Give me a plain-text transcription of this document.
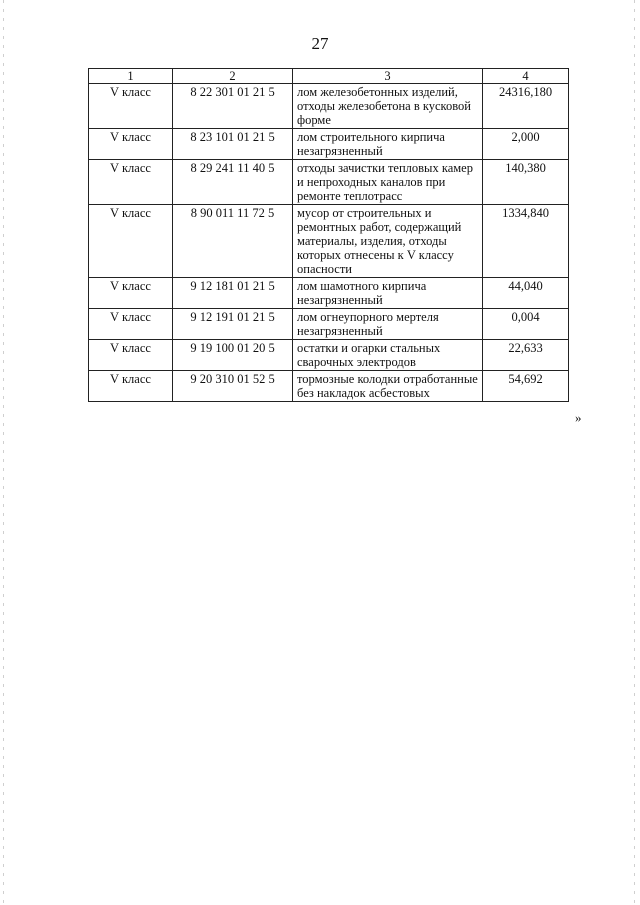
27
1	2	3	4
V класс	8 22 301 01 21 5	лом железобетонных изделий, отходы железобетона в кусковой форме	24316,180
V класс	8 23 101 01 21 5	лом строительного кирпича незагрязненный	2,000
V класс	8 29 241 11 40 5	отходы зачистки тепловых камер и непроходных каналов при ремонте теплотрасс	140,380
V класс	8 90 011 11 72 5	мусор от строительных и ремонтных работ, содержащий материалы, изделия, отходы которых отнесены к V классу опасности	1334,840
V класс	9 12 181 01 21 5	лом шамотного кирпича незагрязненный	44,040
V класс	9 12 191 01 21 5	лом огнеупорного мертеля незагрязненный	0,004
V класс	9 19 100 01 20 5	остатки и огарки стальных сварочных электродов	22,633
V класс	9 20 310 01 52 5	тормозные колодки отработанные без накладок асбестовых	54,692
»
